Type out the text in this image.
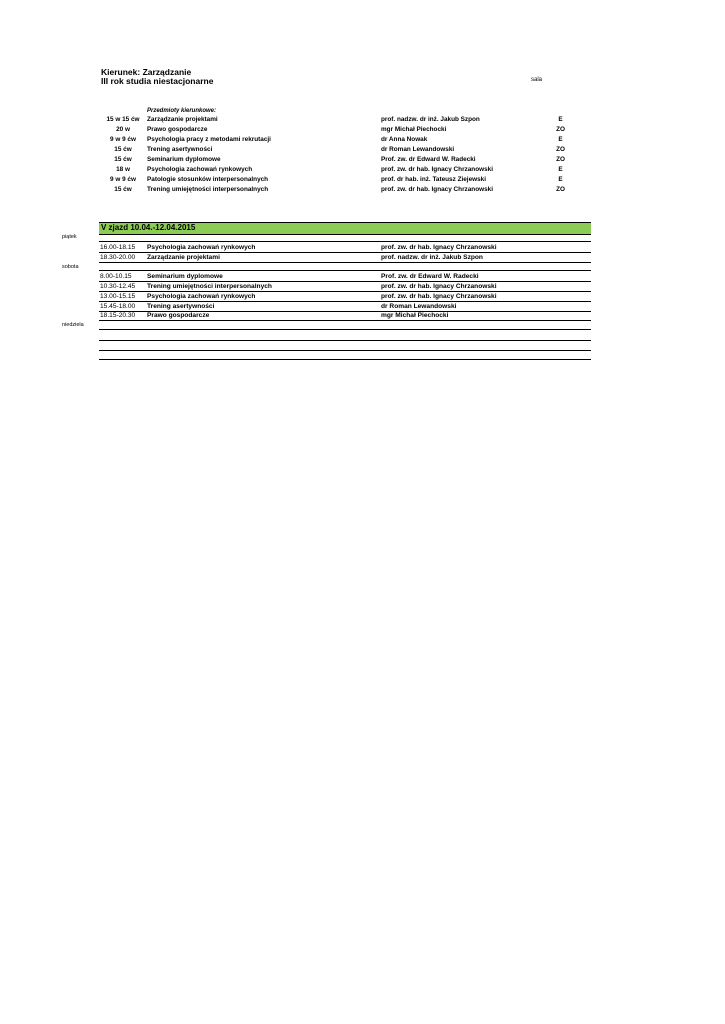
Kierunek: Zarządzanie
III rok studia niestacjonarne	sala
Przedmioty kierunkowe:
15 w 15 ćw	Zarządzanie projektami	prof. nadzw. dr inż. Jakub Szpon	E
20 w	Prawo gospodarcze	mgr Michał Piechocki	ZO
9 w 9 ćw	Psychologia pracy z metodami rekrutacji	dr Anna Nowak	E
15 ćw	Trening asertywności	dr Roman Lewandowski	ZO
15 ćw	Seminarium dyplomowe	Prof. zw. dr Edward W. Radecki	ZO
18 w	Psychologia zachowań rynkowych	prof. zw. dr hab. Ignacy Chrzanowski	E
9 w 9 ćw	Patologie stosunków interpersonalnych	prof. dr hab. inż. Tateusz Ziejewski	E
15 ćw	Trening umiejętności interpersonalnych	prof. zw. dr hab. Ignacy Chrzanowski	ZO
V zjazd 10.04.-12.04.2015
piątek
16.00-18.15	Psychologia zachowań rynkowych	prof. zw. dr hab. Ignacy Chrzanowski
18.30-20.00	Zarządzanie projektami	prof. nadzw. dr inż. Jakub Szpon
sobota
8.00-10.15	Seminarium dyplomowe	Prof. zw. dr Edward W. Radecki
10.30-12.45	Trening umiejętności interpersonalnych	prof. zw. dr hab. Ignacy Chrzanowski
13.00-15.15	Psychologia zachowań rynkowych	prof. zw. dr hab. Ignacy Chrzanowski
15.45-18.00	Trening asertywności	dr Roman Lewandowski
18.15-20.30	Prawo gospodarcze	mgr Michał Piechocki
niedziela
